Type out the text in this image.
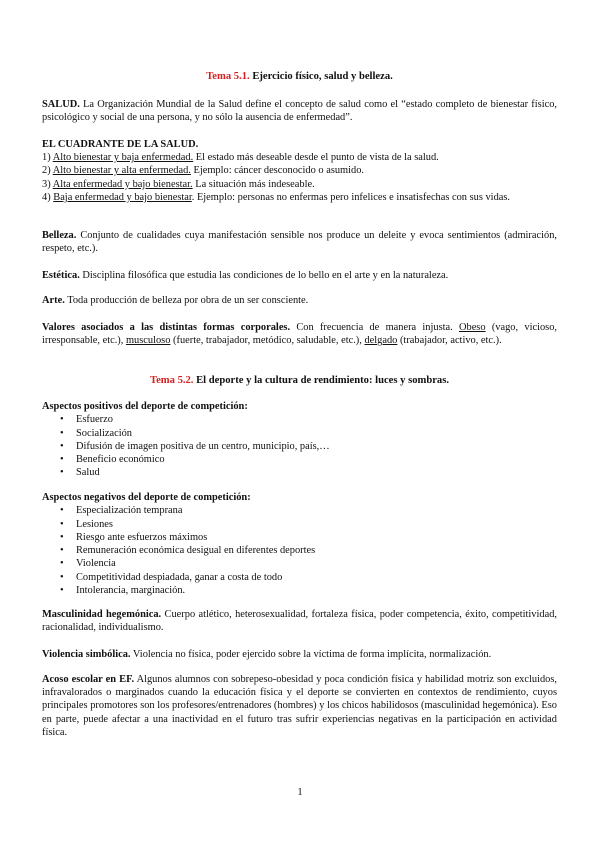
Tema 5.1. Ejercicio físico, salud y belleza.
SALUD. La Organización Mundial de la Salud define el concepto de salud como el “estado completo de bienestar físico, psicológico y social de una persona, y no sólo la ausencia de enfermedad”.
EL CUADRANTE DE LA SALUD.
1) Alto bienestar y baja enfermedad. El estado más deseable desde el punto de vista de la salud.
2) Alto bienestar y alta enfermedad. Ejemplo: cáncer desconocido o asumido.
3) Alta enfermedad y bajo bienestar. La situación más indeseable.
4) Baja enfermedad y bajo bienestar. Ejemplo: personas no enfermas pero infelices e insatisfechas con sus vidas.
Belleza. Conjunto de cualidades cuya manifestación sensible nos produce un deleite y evoca sentimientos (admiración, respeto, etc.).
Estética. Disciplina filosófica que estudia las condiciones de lo bello en el arte y en la naturaleza.
Arte. Toda producción de belleza por obra de un ser consciente.
Valores asociados a las distintas formas corporales. Con frecuencia de manera injusta. Obeso (vago, vicioso, irresponsable, etc.), musculoso (fuerte, trabajador, metódico, saludable, etc.), delgado (trabajador, activo, etc.).
Tema 5.2. El deporte y la cultura de rendimiento: luces y sombras.
Aspectos positivos del deporte de competición:
• Esfuerzo
• Socialización
• Difusión de imagen positiva de un centro, municipio, país,…
• Beneficio económico
• Salud
Aspectos negativos del deporte de competición:
• Especialización temprana
• Lesiones
• Riesgo ante esfuerzos máximos
• Remuneración económica desigual en diferentes deportes
• Violencia
• Competitividad despiadada, ganar a costa de todo
• Intolerancia, marginación.
Masculinidad hegemónica. Cuerpo atlético, heterosexualidad, fortaleza física, poder competencia, éxito, competitividad, racionalidad, individualismo.
Violencia simbólica. Violencia no física, poder ejercido sobre la víctima de forma implícita, normalización.
Acoso escolar en EF. Algunos alumnos con sobrepeso-obesidad y poca condición física y habilidad motriz son excluidos, infravalorados o marginados cuando la educación física y el deporte se convierten en contextos de rendimiento, cuyos principales promotores son los profesores/entrenadores (hombres) y los chicos habilidosos (masculinidad hegemónica). Eso en parte, puede afectar a una inactividad en el futuro tras sufrir experiencias negativas en la participación en actividad física.
1
